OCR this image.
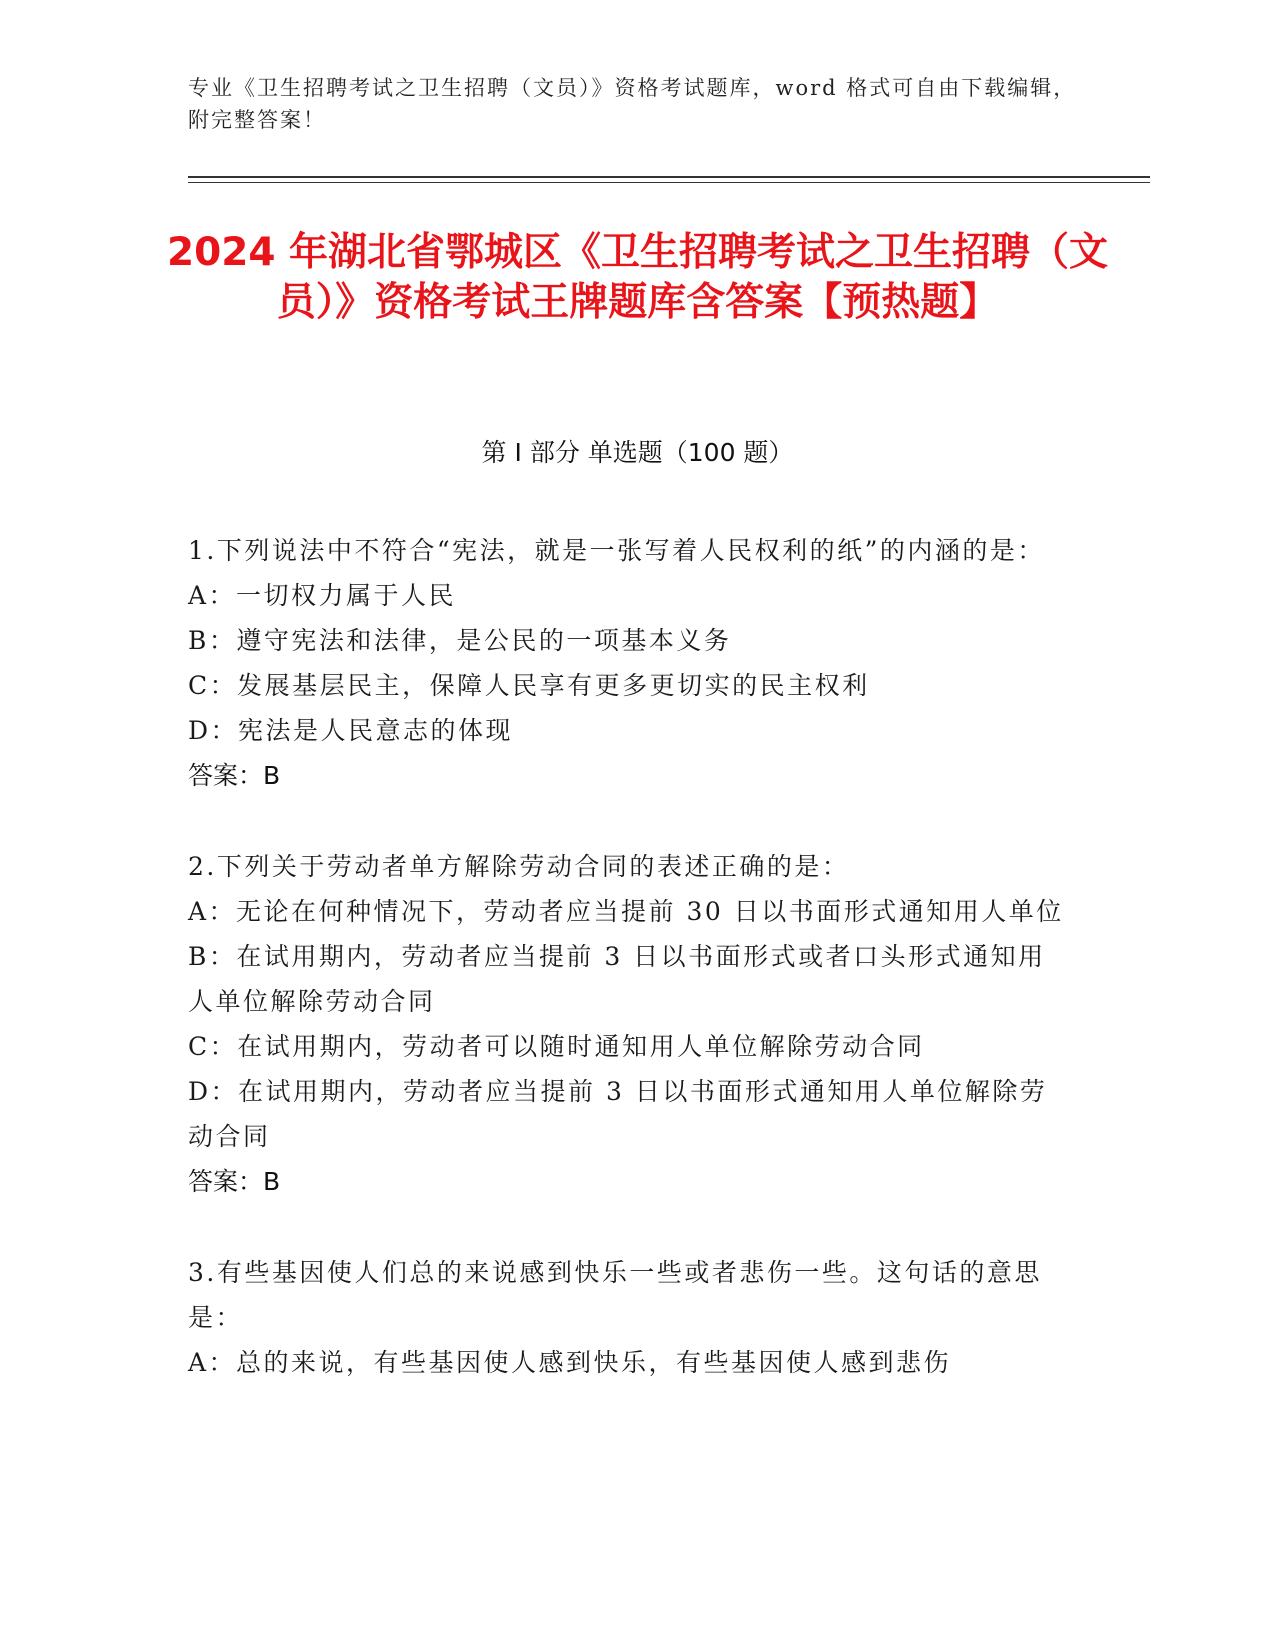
专业《卫生招聘考试之卫生招聘（文员）》资格考试题库，word 格式可自由下载编辑，附完整答案！
2024 年湖北省鄂城区《卫生招聘考试之卫生招聘（文员）》资格考试王牌题库含答案【预热题】
第 I 部分 单选题（100 题）
1.下列说法中不符合“宪法，就是一张写着人民权利的纸”的内涵的是：
A：一切权力属于人民
B：遵守宪法和法律，是公民的一项基本义务
C：发展基层民主，保障人民享有更多更切实的民主权利
D：宪法是人民意志的体现
答案：B
2.下列关于劳动者单方解除劳动合同的表述正确的是：
A：无论在何种情况下，劳动者应当提前 30 日以书面形式通知用人单位
B：在试用期内，劳动者应当提前 3 日以书面形式或者口头形式通知用人单位解除劳动合同
C：在试用期内，劳动者可以随时通知用人单位解除劳动合同
D：在试用期内，劳动者应当提前 3 日以书面形式通知用人单位解除劳动合同
答案：B
3.有些基因使人们总的来说感到快乐一些或者悲伤一些。这句话的意思是：
A：总的来说，有些基因使人感到快乐，有些基因使人感到悲伤
